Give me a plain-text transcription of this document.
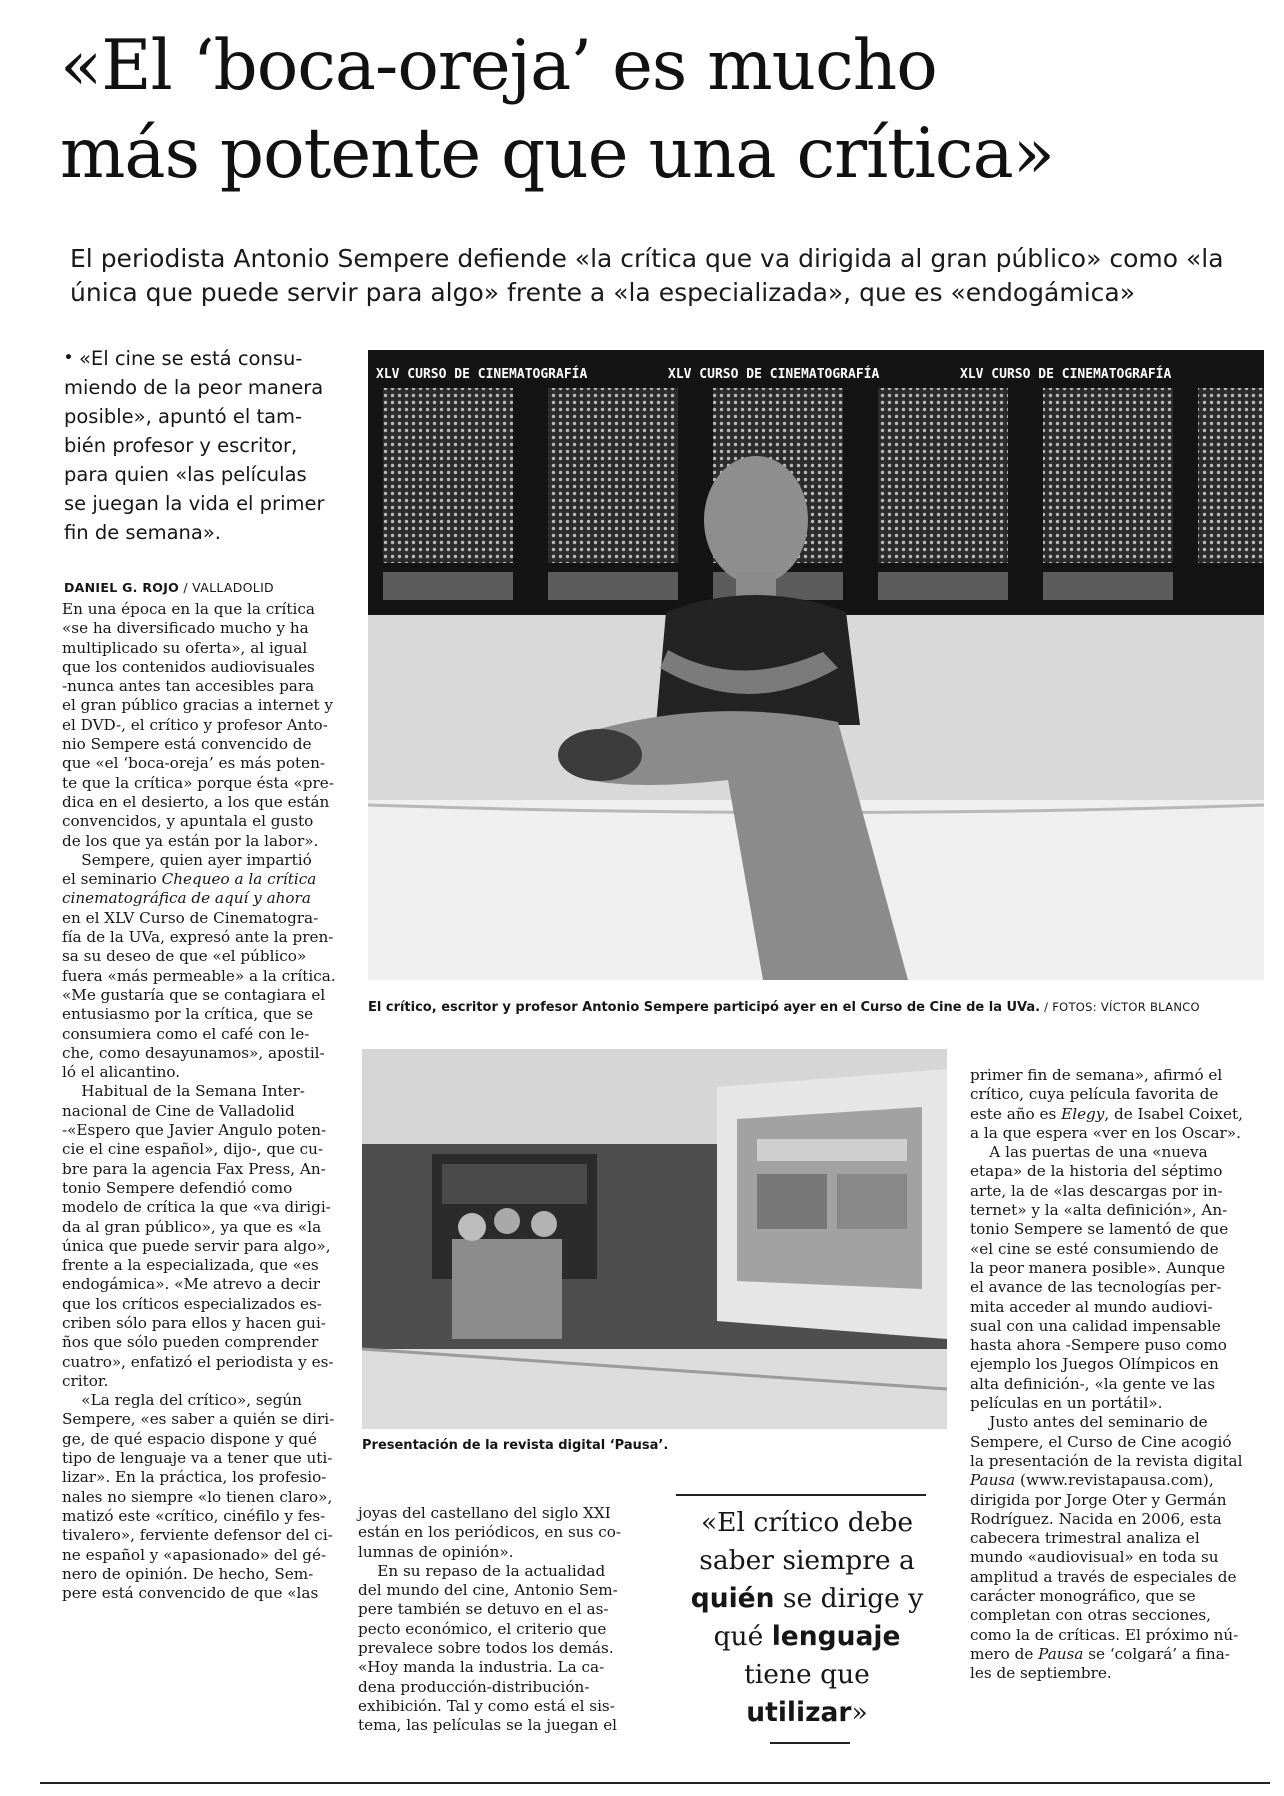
«El ‘boca-oreja’ es mucho
más potente que una crítica»
El periodista Antonio Sempere defiende «la crítica que va dirigida al gran público» como «la
única que puede servir para algo» frente a «la especializada», que es «endogámica»
• «El cine se está consu-
miendo de la peor manera
posible», apuntó el tam-
bién profesor y escritor,
para quien «las películas
se juegan la vida el primer
fin de semana».
DANIEL G. ROJO / VALLADOLID
En una época en la que la crítica
«se ha diversificado mucho y ha
multiplicado su oferta», al igual
que los contenidos audiovisuales
-nunca antes tan accesibles para
el gran público gracias a internet y
el DVD-, el crítico y profesor Anto-
nio Sempere está convencido de
que «el ‘boca-oreja’ es más poten-
te que la crítica» porque ésta «pre-
dica en el desierto, a los que están
convencidos, y apuntala el gusto
de los que ya están por la labor».
Sempere, quien ayer impartió
el seminario Chequeo a la crítica
cinematográfica de aquí y ahora
en el XLV Curso de Cinematogra-
fía de la UVa, expresó ante la pren-
sa su deseo de que «el público»
fuera «más permeable» a la crítica.
«Me gustaría que se contagiara el
entusiasmo por la crítica, que se
consumiera como el café con le-
che, como desayunamos», apostil-
ló el alicantino.
Habitual de la Semana Inter-
nacional de Cine de Valladolid
-«Espero que Javier Angulo poten-
cie el cine español», dijo-, que cu-
bre para la agencia Fax Press, An-
tonio Sempere defendió como
modelo de crítica la que «va dirigi-
da al gran público», ya que es «la
única que puede servir para algo»,
frente a la especializada, que «es
endogámica». «Me atrevo a decir
que los críticos especializados es-
criben sólo para ellos y hacen gui-
ños que sólo pueden comprender
cuatro», enfatizó el periodista y es-
critor.
«La regla del crítico», según
Sempere, «es saber a quién se diri-
ge, de qué espacio dispone y qué
tipo de lenguaje va a tener que uti-
lizar». En la práctica, los profesio-
nales no siempre «lo tienen claro»,
matizó este «crítico, cinéfilo y fes-
tivalero», ferviente defensor del ci-
ne español y «apasionado» del gé-
nero de opinión. De hecho, Sem-
pere está convencido de que «las
XLV CURSO DE CINEMATOGRAFÍA	XLV CURSO DE CINEMATOGRAFÍA	XLV CURSO DE CINEMATOGRAFÍA
El crítico, escritor y profesor Antonio Sempere participó ayer en el Curso de Cine de la UVa. / FOTOS: VÍCTOR BLANCO
Presentación de la revista digital ‘Pausa’.
joyas del castellano del siglo XXI
están en los periódicos, en sus co-
lumnas de opinión».
En su repaso de la actualidad
del mundo del cine, Antonio Sem-
pere también se detuvo en el as-
pecto económico, el criterio que
prevalece sobre todos los demás.
«Hoy manda la industria. La ca-
dena producción-distribución-
exhibición. Tal y como está el sis-
tema, las películas se la juegan el
«El crítico debe
saber siempre a
quién se dirige y
qué lenguaje
tiene que
utilizar»
primer fin de semana», afirmó el
crítico, cuya película favorita de
este año es Elegy, de Isabel Coixet,
a la que espera «ver en los Oscar».
A las puertas de una «nueva
etapa» de la historia del séptimo
arte, la de «las descargas por in-
ternet» y la «alta definición», An-
tonio Sempere se lamentó de que
«el cine se esté consumiendo de
la peor manera posible». Aunque
el avance de las tecnologías per-
mita acceder al mundo audiovi-
sual con una calidad impensable
hasta ahora -Sempere puso como
ejemplo los Juegos Olímpicos en
alta definición-, «la gente ve las
películas en un portátil».
Justo antes del seminario de
Sempere, el Curso de Cine acogió
la presentación de la revista digital
Pausa (www.revistapausa.com),
dirigida por Jorge Oter y Germán
Rodríguez. Nacida en 2006, esta
cabecera trimestral analiza el
mundo «audiovisual» en toda su
amplitud a través de especiales de
carácter monográfico, que se
completan con otras secciones,
como la de críticas. El próximo nú-
mero de Pausa se ‘colgará’ a fina-
les de septiembre.
